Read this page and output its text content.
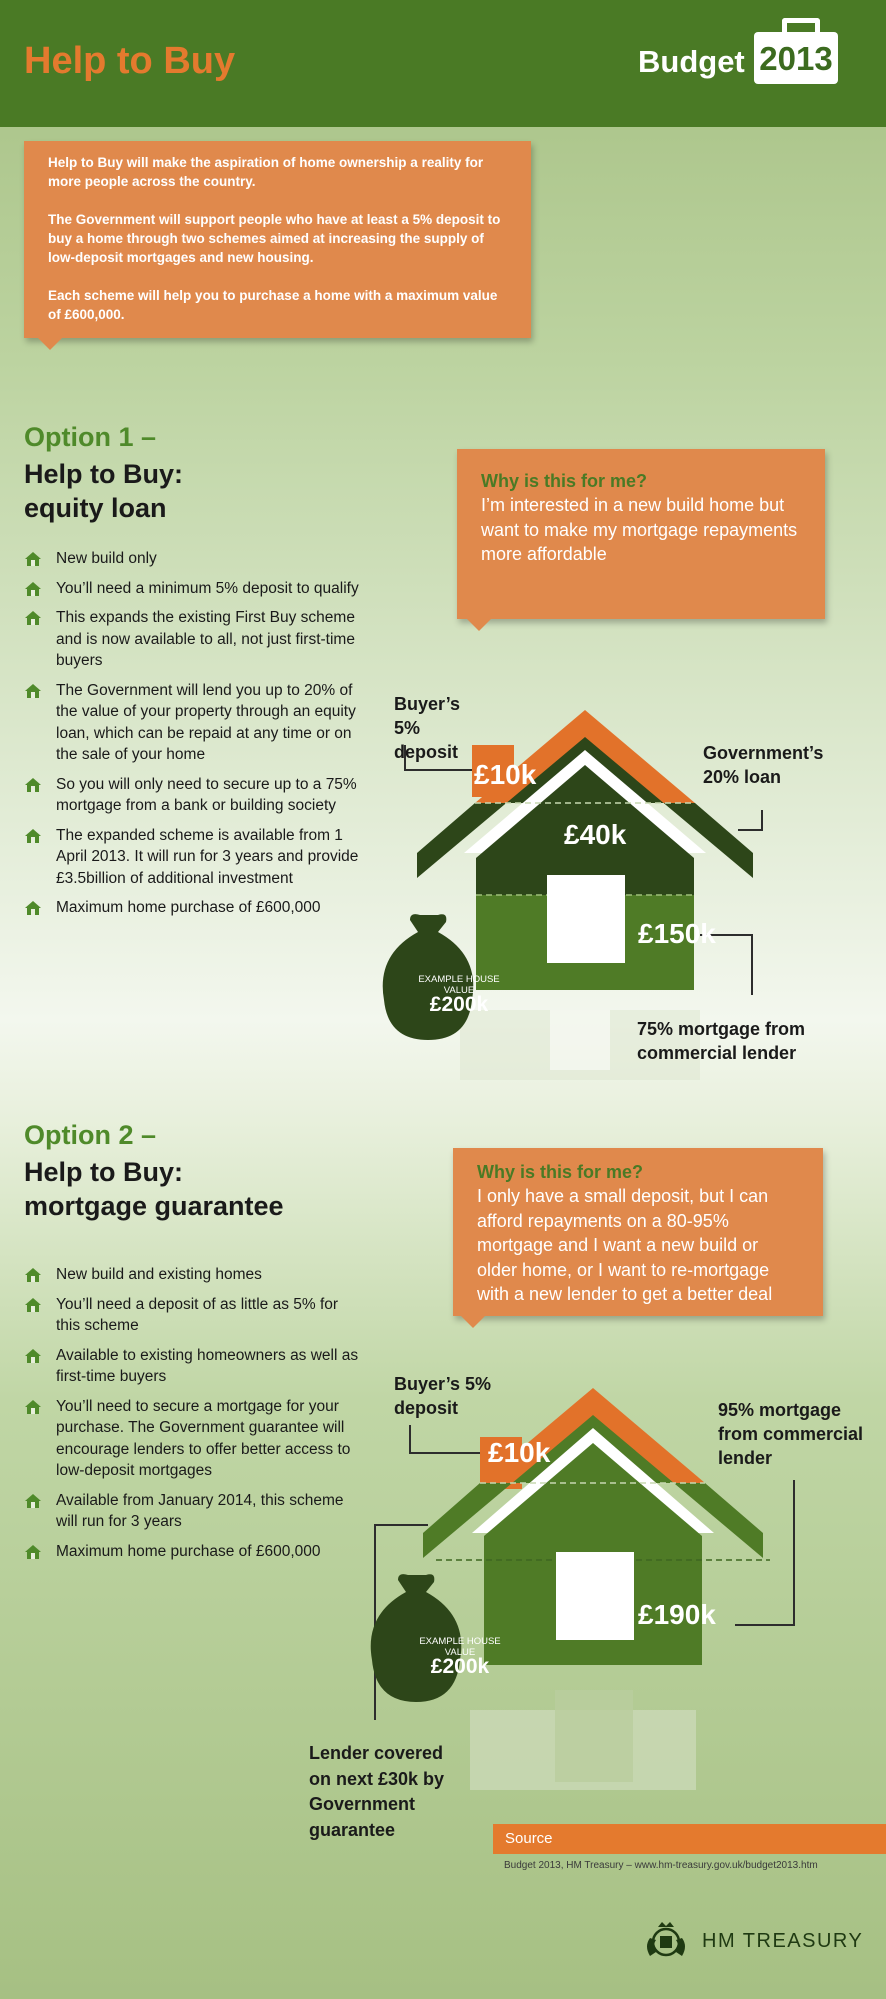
Help to Buy	Budget 2013

Help to Buy will make the aspiration of home ownership a reality for more people across the country.

The Government will support people who have at least a 5% deposit to buy a home through two schemes aimed at increasing the supply of low-deposit mortgages and new housing.

Each scheme will help you to purchase a home with a maximum value of £600,000.

Option 1 –
Help to Buy:
equity loan
New build only
You’ll need a minimum 5% deposit to qualify
This expands the existing First Buy scheme and is now available to all, not just first-time buyers
The Government will lend you up to 20% of the value of your property through an equity loan, which can be repaid at any time or on the sale of your home
So you will only need to secure up to a 75% mortgage from a bank or building society
The expanded scheme is available from 1 April 2013. It will run for 3 years and provide £3.5billion of additional investment
Maximum home purchase of £600,000
Why is this for me?
I’m interested in a new build home but want to make my mortgage repayments more affordable
£10k
£40k
£150k
Buyer’s 5% deposit	Government’s 20% loan
75% mortgage from commercial lender
EXAMPLE HOUSE VALUE
£200k
Option 2 –
Help to Buy:
mortgage guarantee
New build and existing homes
You’ll need a deposit of as little as 5% for this scheme
Available to existing homeowners as well as first-time buyers
You’ll need to secure a mortgage for your purchase. The Government guarantee will encourage lenders to offer better access to low-deposit mortgages
Available from January 2014, this scheme will run for 3 years
Maximum home purchase of £600,000
Why is this for me?
I only have a small deposit, but I can afford repayments on a 80-95% mortgage and I want a new build or older home, or I want to re-mortgage with a new lender to get a better deal
£10k
£190k
Buyer’s 5% deposit	95% mortgage from commercial lender
Lender covered on next £30k by Government guarantee
EXAMPLE HOUSE VALUE
£200k
Source
Budget 2013, HM Treasury – www.hm-treasury.gov.uk/budget2013.htm
HM TREASURY
